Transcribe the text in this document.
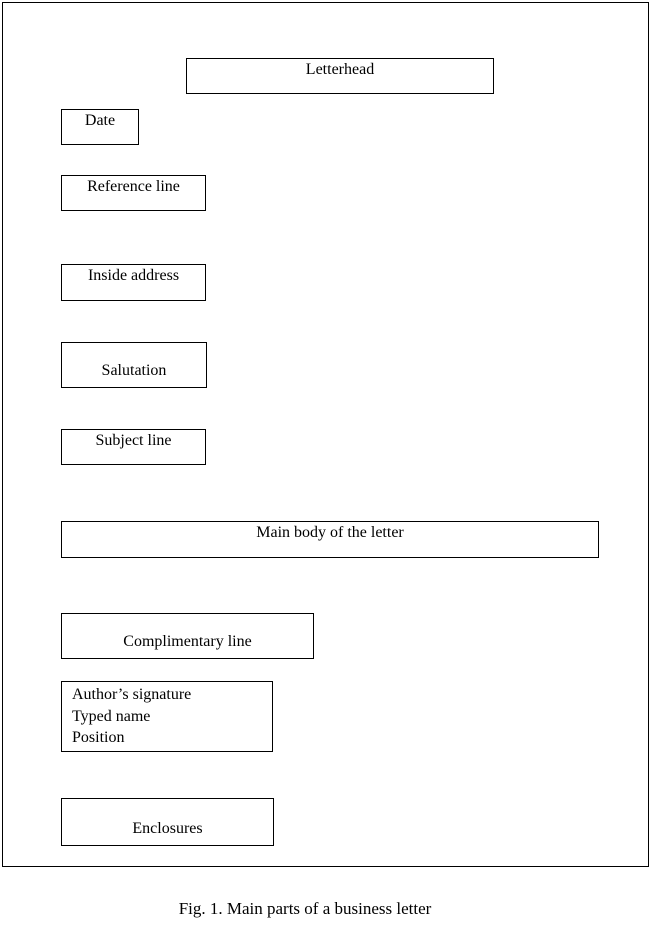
Letterhead
Date
Reference line
Inside address
Salutation
Subject line
Main body of the letter
Complimentary line
Author’s signature
Typed name
Position
Enclosures
Fig. 1. Main parts of a business letter
